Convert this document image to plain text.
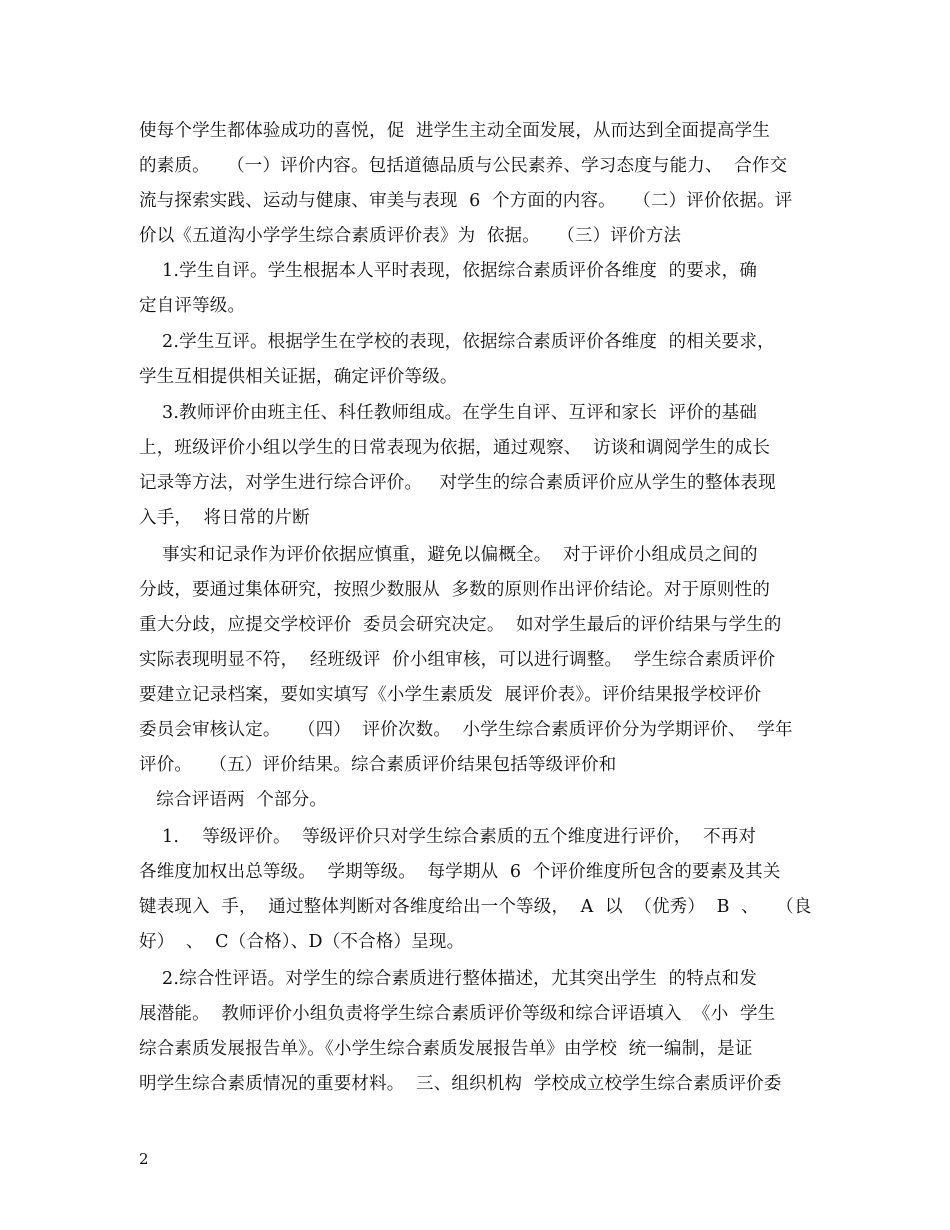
使每个学生都体验成功的喜悦，促  进学生主动全面发展，从而达到全面提高学生
的素质。   （一）评价内容。包括道德品质与公民素养、学习态度与能力、  合作交
流与探索实践、运动与健康、审美与表现  6  个方面的内容。   （二）评价依据。评
价以《五道沟小学学生综合素质评价表》为  依据。   （三）评价方法
1.学生自评。学生根据本人平时表现，依据综合素质评价各维度  的要求，确
定自评等级。
2.学生互评。根据学生在学校的表现，依据综合素质评价各维度  的相关要求，
学生互相提供相关证据，确定评价等级。
3.教师评价由班主任、科任教师组成。在学生自评、互评和家长  评价的基础
上，班级评价小组以学生的日常表现为依据，通过观察、  访谈和调阅学生的成长
记录等方法，对学生进行综合评价。   对学生的综合素质评价应从学生的整体表现
入手，  将日常的片断
事实和记录作为评价依据应慎重，避免以偏概全。  对于评价小组成员之间的
分歧，要通过集体研究，按照少数服从  多数的原则作出评价结论。对于原则性的
重大分歧，应提交学校评价  委员会研究决定。  如对学生最后的评价结果与学生的
实际表现明显不符，  经班级评  价小组审核，可以进行调整。  学生综合素质评价
要建立记录档案，要如实填写《小学生素质发  展评价表》。评价结果报学校评价
委员会审核认定。   （四）  评价次数。  小学生综合素质评价分为学期评价、  学年
评价。   （五）评价结果。综合素质评价结果包括等级评价和
综合评语两  个部分。
1.    等级评价。  等级评价只对学生综合素质的五个维度进行评价，  不再对
各维度加权出总等级。  学期等级。  每学期从  6  个评价维度所包含的要素及其关
键表现入  手，  通过整体判断对各维度给出一个等级，  A  以  （优秀）  B  、   （良
好）  、  C（合格）、D（不合格）呈现。
2.综合性评语。对学生的综合素质进行整体描述，尤其突出学生  的特点和发
展潜能。  教师评价小组负责将学生综合素质评价等级和综合评语填入  《小  学生
综合素质发展报告单》。《小学生综合素质发展报告单》由学校  统一编制，是证
明学生综合素质情况的重要材料。  三、组织机构  学校成立校学生综合素质评价委
2
